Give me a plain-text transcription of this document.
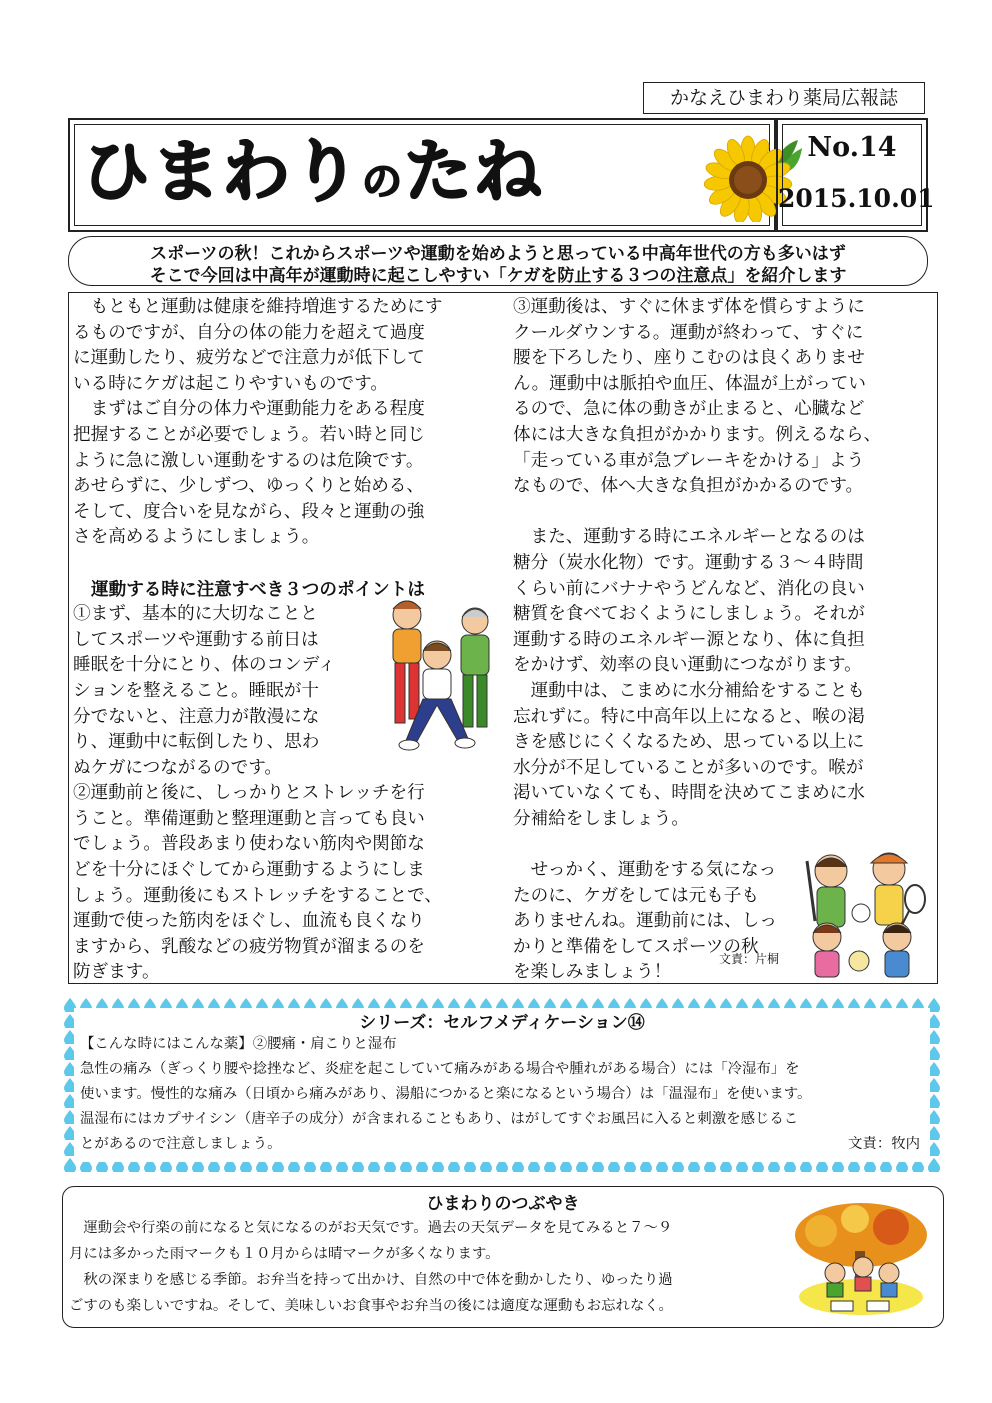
かなえひまわり薬局広報誌
ひまわりのたね	No.14
2015.10.01
スポーツの秋！これからスポーツや運動を始めようと思っている中高年世代の方も多いはず
そこで今回は中高年が運動時に起こしやすい「ケガを防止する３つの注意点」を紹介します

　もともと運動は健康を維持増進するためにす

るものですが、自分の体の能力を超えて過度

に運動したり、疲労などで注意力が低下して

いる時にケガは起こりやすいものです。

　まずはご自分の体力や運動能力をある程度

把握することが必要でしょう。若い時と同じ

ように急に激しい運動をするのは危険です。

あせらずに、少しずつ、ゆっくりと始める、

そして、度合いを見ながら、段々と運動の強

さを高めるようにしましょう。

運動する時に注意すべき３つのポイントは

①まず、基本的に大切なことと

してスポーツや運動する前日は

睡眠を十分にとり、体のコンディ

ションを整えること。睡眠が十

分でないと、注意力が散漫にな

り、運動中に転倒したり、思わ

ぬケガにつながるのです。

②運動前と後に、しっかりとストレッチを行

うこと。準備運動と整理運動と言っても良い

でしょう。普段あまり使わない筋肉や関節な

どを十分にほぐしてから運動するようにしま

しょう。運動後にもストレッチをすることで、

運動で使った筋肉をほぐし、血流も良くなり

ますから、乳酸などの疲労物質が溜まるのを

防ぎます。

③運動後は、すぐに休まず体を慣らすように

クールダウンする。運動が終わって、すぐに

腰を下ろしたり、座りこむのは良くありませ

ん。運動中は脈拍や血圧、体温が上がってい

るので、急に体の動きが止まると、心臓など

体には大きな負担がかかります。例えるなら、

「走っている車が急ブレーキをかける」よう

なもので、体へ大きな負担がかかるのです。

　また、運動する時にエネルギーとなるのは

糖分（炭水化物）です。運動する３～４時間

くらい前にバナナやうどんなど、消化の良い

糖質を食べておくようにしましょう。それが

運動する時のエネルギー源となり、体に負担

をかけず、効率の良い運動につながります。

　運動中は、こまめに水分補給をすることも

忘れずに。特に中高年以上になると、喉の渇

きを感じにくくなるため、思っている以上に

水分が不足していることが多いのです。喉が

渇いていなくても、時間を決めてこまめに水

分補給をしましょう。

　せっかく、運動をする気になっ

たのに、ケガをしては元も子も

ありませんね。運動前には、しっ

かりと準備をしてスポーツの秋

を楽しみましょう！

文責：片桐
シリーズ：セルフメディケーション⑭

【こんな時にはこんな薬】②腰痛・肩こりと湿布

急性の痛み（ぎっくり腰や捻挫など、炎症を起こしていて痛みがある場合や腫れがある場合）には「冷湿布」を

使います。慢性的な痛み（日頃から痛みがあり、湯船につかると楽になるという場合）は「温湿布」を使います。

温湿布にはカプサイシン（唐辛子の成分）が含まれることもあり、はがしてすぐお風呂に入ると刺激を感じるこ

とがあるので注意しましょう。	文責：牧内
ひまわりのつぶやき

　運動会や行楽の前になると気になるのがお天気です。過去の天気データを見てみると７～９

月には多かった雨マークも１０月からは晴マークが多くなります。

　秋の深まりを感じる季節。お弁当を持って出かけ、自然の中で体を動かしたり、ゆったり過

ごすのも楽しいですね。そして、美味しいお食事やお弁当の後には適度な運動もお忘れなく。
